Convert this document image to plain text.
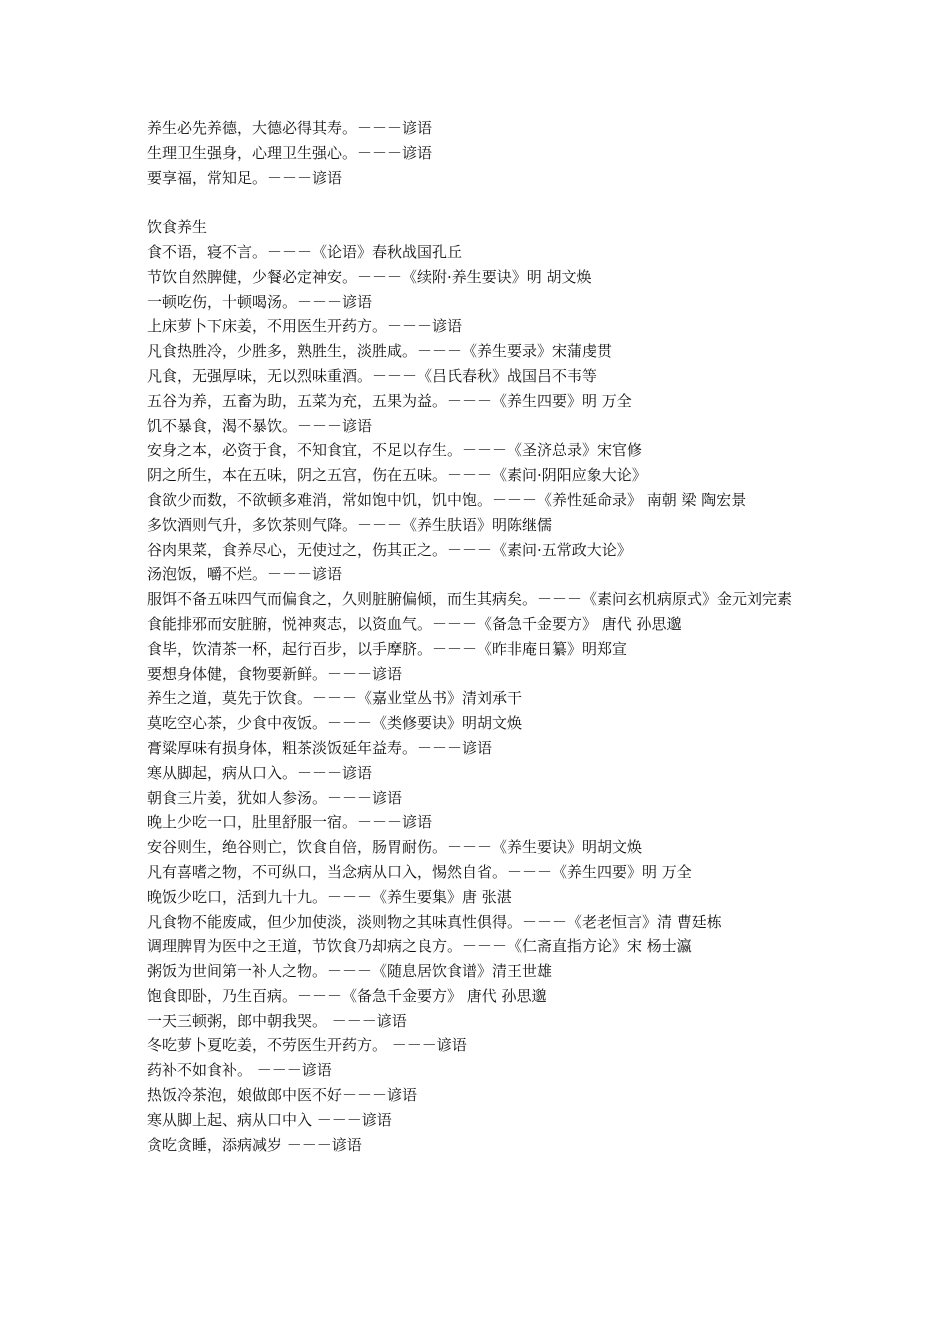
养生必先养德，大德必得其寿。－－－谚语
生理卫生强身，心理卫生强心。－－－谚语
要享福，常知足。－－－谚语
饮食养生
食不语，寝不言。－－－《论语》春秋战国孔丘
节饮自然脾健，少餐必定神安。－－－《续附·养生要诀》明 胡文焕
一顿吃伤，十顿喝汤。－－－谚语
上床萝卜下床姜，不用医生开药方。－－－谚语
凡食热胜冷，少胜多，熟胜生，淡胜咸。－－－《养生要录》宋蒲虔贯
凡食，无强厚味，无以烈味重酒。－－－《吕氏春秋》战国吕不韦等
五谷为养，五畜为助，五菜为充，五果为益。－－－《养生四要》明 万全
饥不暴食，渴不暴饮。－－－谚语
安身之本，必资于食，不知食宜，不足以存生。－－－《圣济总录》宋官修
阴之所生，本在五味，阴之五宫，伤在五味。－－－《素问·阴阳应象大论》
食欲少而数，不欲顿多难消，常如饱中饥，饥中饱。－－－《养性延命录》 南朝 梁 陶宏景
多饮酒则气升，多饮茶则气降。－－－《养生肤语》明陈继儒
谷肉果菜，食养尽心，无使过之，伤其正之。－－－《素问·五常政大论》
汤泡饭，嚼不烂。－－－谚语
服饵不备五味四气而偏食之，久则脏腑偏倾，而生其病矣。－－－《素问玄机病原式》金元刘完素
食能排邪而安脏腑，悦神爽志，以资血气。－－－《备急千金要方》 唐代 孙思邈
食毕，饮清茶一杯，起行百步，以手摩脐。－－－《昨非庵日纂》明郑宣
要想身体健，食物要新鲜。－－－谚语
养生之道，莫先于饮食。－－－《嘉业堂丛书》清刘承干
莫吃空心茶，少食中夜饭。－－－《类修要诀》明胡文焕
膏粱厚味有损身体，粗茶淡饭延年益寿。－－－谚语
寒从脚起，病从口入。－－－谚语
朝食三片姜，犹如人参汤。－－－谚语
晚上少吃一口，肚里舒服一宿。－－－谚语
安谷则生，绝谷则亡，饮食自倍，肠胃耐伤。－－－《养生要诀》明胡文焕
凡有喜嗜之物，不可纵口，当念病从口入，惕然自省。－－－《养生四要》明 万全
晚饭少吃口，活到九十九。－－－《养生要集》唐 张湛
凡食物不能废咸，但少加使淡，淡则物之其味真性俱得。－－－《老老恒言》清 曹廷栋
调理脾胃为医中之王道，节饮食乃却病之良方。－－－《仁斋直指方论》宋 杨士瀛
粥饭为世间第一补人之物。－－－《随息居饮食谱》清王世雄
饱食即卧，乃生百病。－－－《备急千金要方》 唐代 孙思邈
一天三顿粥，郎中朝我哭。 －－－谚语
冬吃萝卜夏吃姜，不劳医生开药方。 －－－谚语
药补不如食补。 －－－谚语
热饭冷茶泡，娘做郎中医不好－－－谚语
寒从脚上起、病从口中入 －－－谚语
贪吃贪睡，添病减岁 －－－谚语
